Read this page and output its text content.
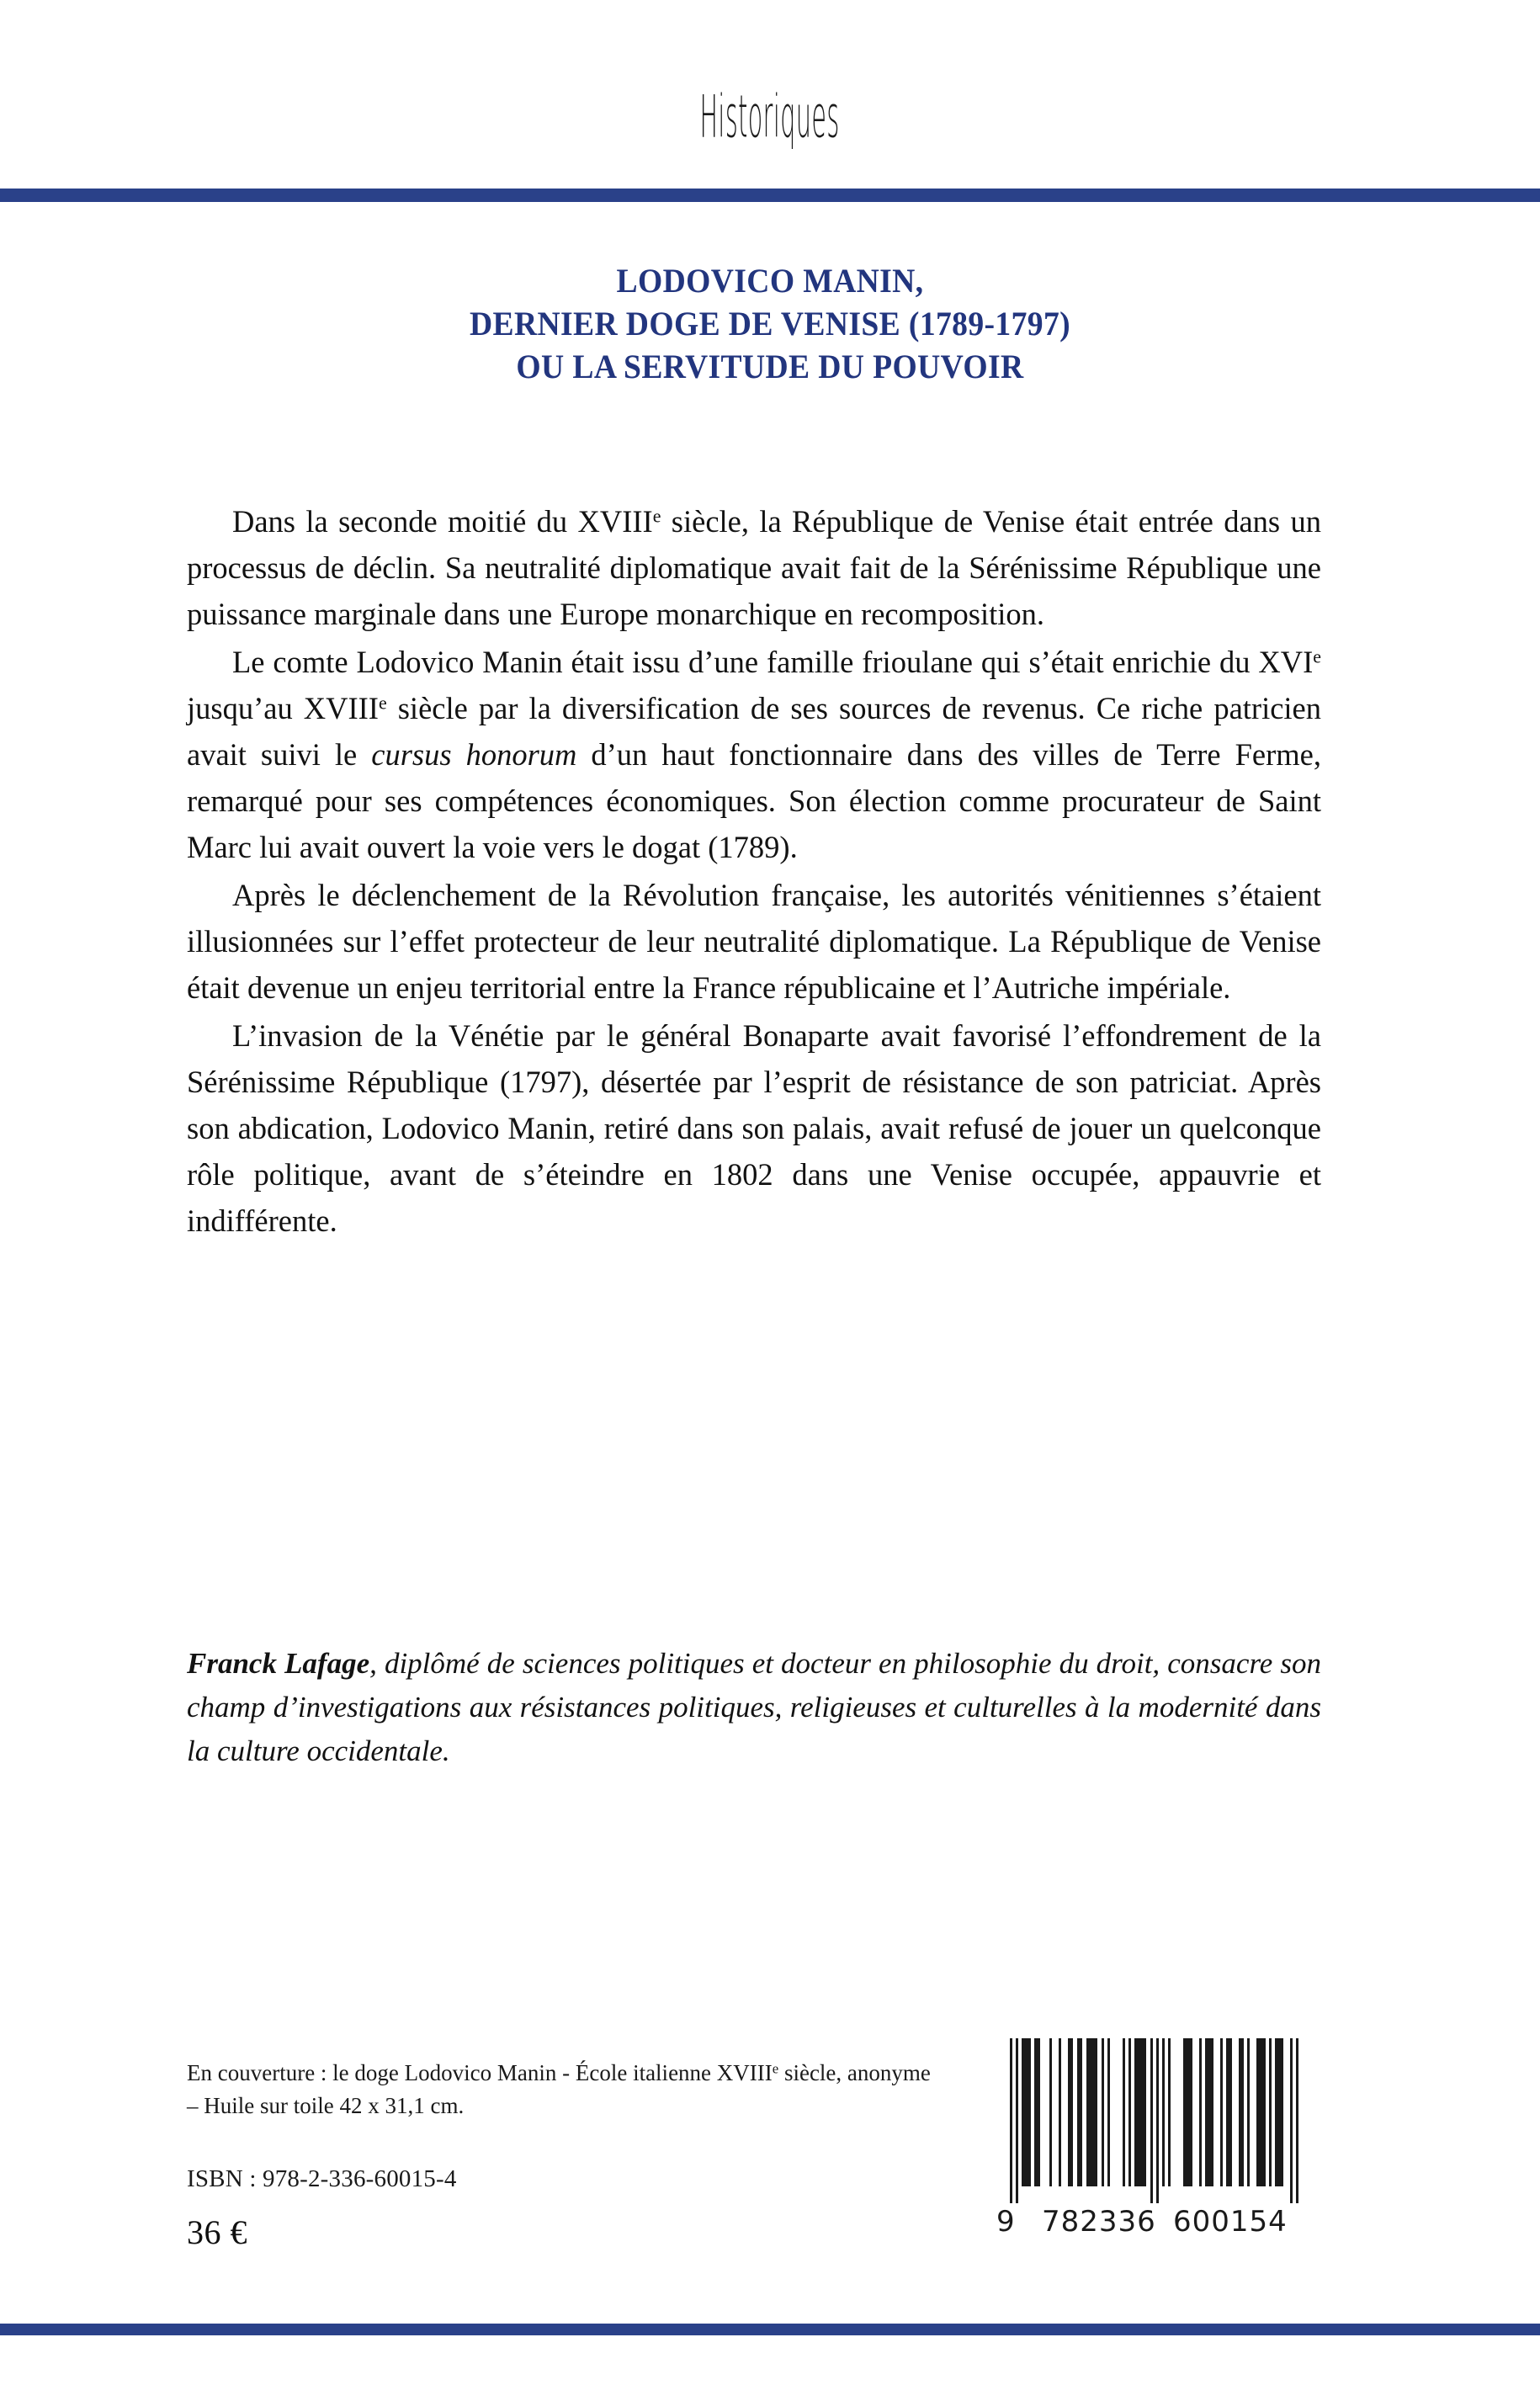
Historiques
LODOVICO MANIN,
DERNIER DOGE DE VENISE (1789-1797)
OU LA SERVITUDE DU POUVOIR

Dans la seconde moitié du XVIIIe siècle, la République de Venise était entrée dans un processus de déclin. Sa neutralité diplomatique avait fait de la Sérénissime République une puissance marginale dans une Europe monarchique en recomposition.

Le comte Lodovico Manin était issu d’une famille frioulane qui s’était enrichie du XVIe jusqu’au XVIIIe siècle par la diversification de ses sources de revenus. Ce riche patricien avait suivi le cursus honorum d’un haut fonctionnaire dans des villes de Terre Ferme, remarqué pour ses compétences économiques. Son élection comme procurateur de Saint Marc lui avait ouvert la voie vers le dogat (1789).

Après le déclenchement de la Révolution française, les autorités vénitiennes s’étaient illusionnées sur l’effet protecteur de leur neutralité diplomatique. La République de Venise était devenue un enjeu territorial entre la France républicaine et l’Autriche impériale.

L’invasion de la Vénétie par le général Bonaparte avait favorisé l’effondrement de la Sérénissime République (1797), désertée par l’esprit de résistance de son patriciat. Après son abdication, Lodovico Manin, retiré dans son palais, avait refusé de jouer un quelconque rôle politique, avant de s’éteindre en 1802 dans une Venise occupée, appauvrie et indifférente.

Franck Lafage, diplômé de sciences politiques et docteur en philosophie du droit, consacre son champ d’investigations aux résistances politiques, religieuses et culturelles à la modernité dans la culture occidentale.
En couverture : le doge Lodovico Manin - École italienne XVIIIe siècle, anonyme – Huile sur toile 42 x 31,1 cm.
ISBN : 978-2-336-60015-4
36 €	9 782336 600154
